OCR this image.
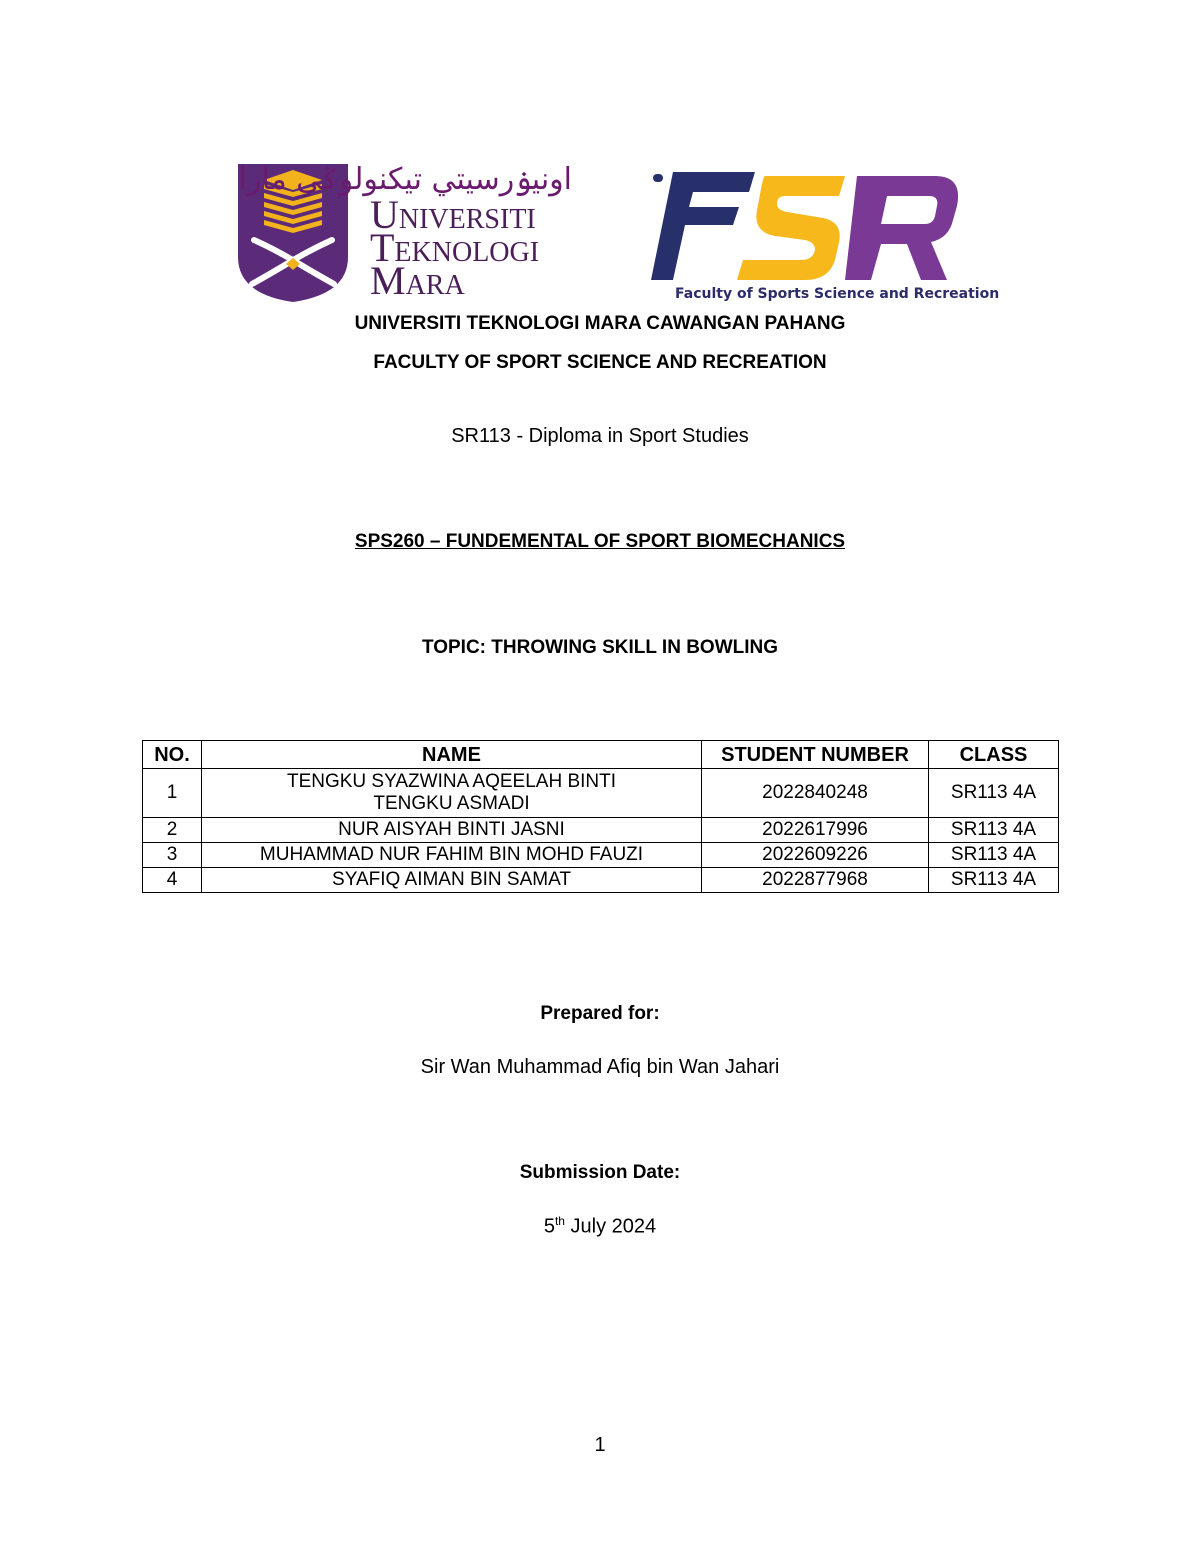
اونيۏرسيتي تيكنولوݢي مارا
Universiti
Teknologi
Mara	Faculty of Sports Science and Recreation
UNIVERSITI TEKNOLOGI MARA CAWANGAN PAHANG
FACULTY OF SPORT SCIENCE AND RECREATION
SR113 - Diploma in Sport Studies
SPS260 – FUNDEMENTAL OF SPORT BIOMECHANICS
TOPIC: THROWING SKILL IN BOWLING
NO.	NAME	STUDENT NUMBER	CLASS
1	TENGKU SYAZWINA AQEELAH BINTI
TENGKU ASMADI	2022840248	SR113 4A
2	NUR AISYAH BINTI JASNI	2022617996	SR113 4A
3	MUHAMMAD NUR FAHIM BIN MOHD FAUZI	2022609226	SR113 4A
4	SYAFIQ AIMAN BIN SAMAT	2022877968	SR113 4A
Prepared for:
Sir Wan Muhammad Afiq bin Wan Jahari
Submission Date:
5th July 2024
1
